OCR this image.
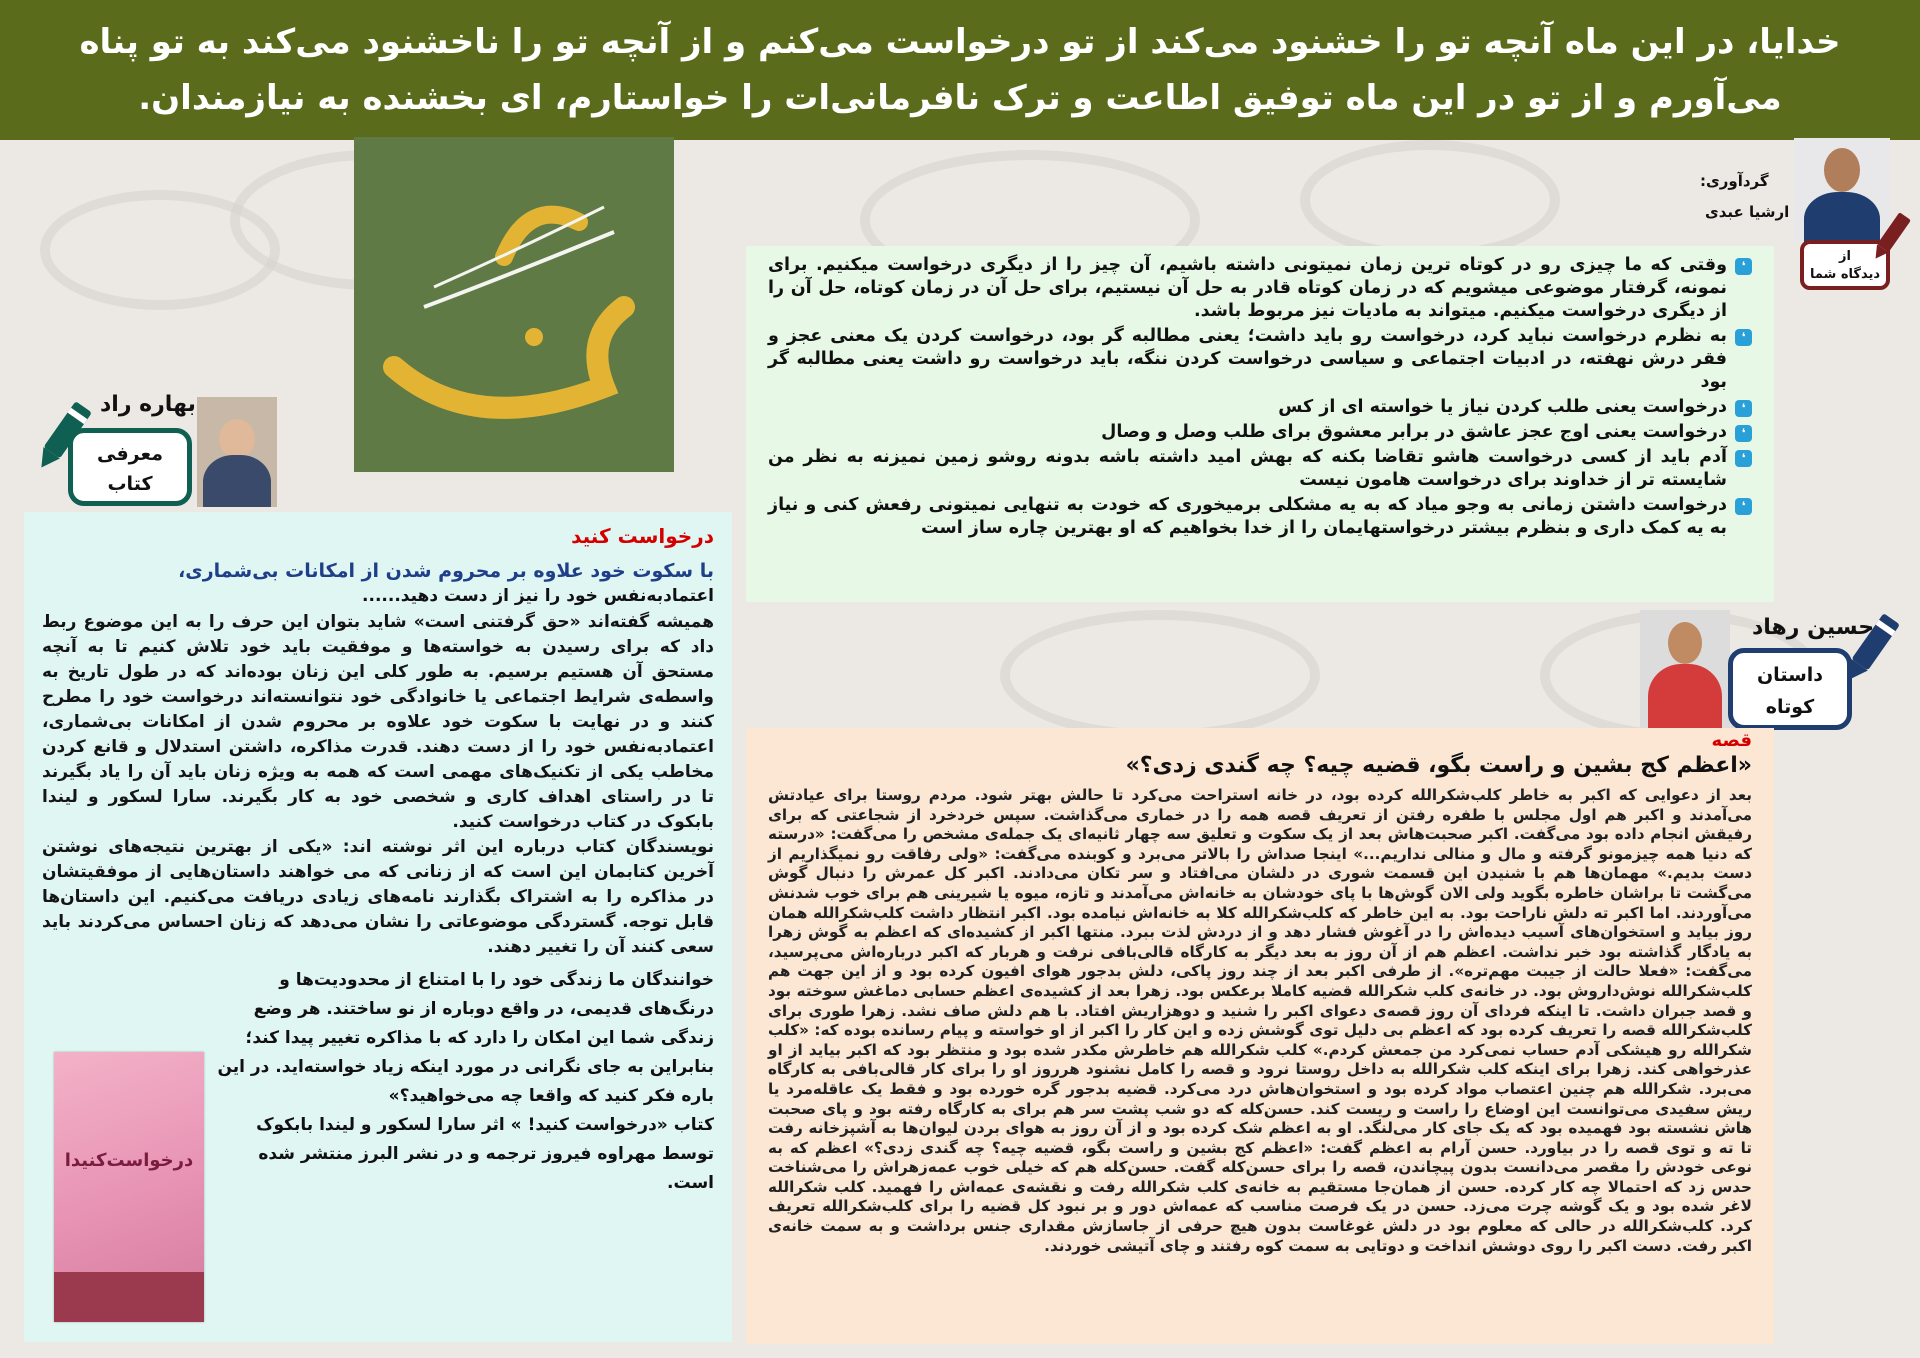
خدایا، در این ماه آنچه تو را خشنود می‌کند از تو درخواست می‌کنم و از آنچه تو را ناخشنود می‌کند به تو پناه

می‌آورم و از تو در این ماه توفیق اطاعت و ترک نافرمانی‌ات را خواستارم، ای بخشنده به نیازمندان.

بهاره راد
معرفی
کتاب
درخواست کنید

با سکوت خود علاوه بر محروم شدن از امکانات بی‌شماری،

اعتمادبه‌نفس خود را نیز از دست دهید......

همیشه گفته‌اند «حق گرفتنی است» شاید بتوان این حرف را به این موضوع ربط داد که برای رسیدن به خواسته‌ها و موفقیت باید خود تلاش کنیم تا به آنچه مستحق آن هستیم برسیم. به طور کلی این زنان بوده‌اند که در طول تاریخ به واسطه‌ی شرایط اجتماعی یا خانوادگی خود نتوانسته‌اند درخواست خود را مطرح کنند و در نهایت با سکوت خود علاوه بر محروم شدن از امکانات بی‌شماری، اعتمادبه‌نفس خود را از دست دهند. قدرت مذاکره، داشتن استدلال و قانع کردن مخاطب یکی از تکنیک‌های مهمی است که همه به ویژه زنان باید آن را یاد بگیرند تا در راستای اهداف کاری و شخصی خود به کار بگیرند. سارا لسکور و لیندا بابکوک در کتاب درخواست کنید.

نویسندگان کتاب درباره این اثر نوشته اند: «یکی از بهترین نتیجه‌های نوشتن آخرین کتابمان این است که از زنانی که می خواهند داستان‌هایی از موفقیتشان در مذاکره را به اشتراک بگذارند نامه‌های زیادی دریافت می‌کنیم. این داستان‌ها قابل توجه. گستردگی موضوعاتی را نشان می‌دهد که زنان احساس می‌کردند باید سعی کنند آن را تغییر دهند.

خوانندگان ما زندگی خود را با امتناع از محدودیت‌ها و درنگ‌های قدیمی، در واقع دوباره از نو ساختند. هر وضع زندگی شما این امکان را دارد که با مذاکره تغییر پیدا کند؛ بنابراین به جای نگرانی در مورد اینکه زیاد خواسته‌اید. در این باره فکر کنید که واقعا چه می‌خواهید؟»

کتاب «درخواست کنید! » اثر سارا لسکور و لیندا بابکوک توسط مهراوه فیروز ترجمه و در نشر البرز منتشر شده است.

درخواست‌کنیدا
گردآوری:
ارشیا عبدی
از
دیدگاه شما
❛
وقتی که ما چیزی رو در کوتاه ترین زمان نمیتونی داشته باشیم، آن چیز را از دیگری درخواست میکنیم. برای نمونه، گرفتار موضوعی میشویم که در زمان کوتاه قادر به حل آن نیستیم، برای حل آن در زمان کوتاه، حل آن را از دیگری درخواست میکنیم. میتواند به مادیات نیز مربوط باشد.
❛
به نظرم درخواست نباید کرد، درخواست رو باید داشت؛ یعنی مطالبه گر بود، درخواست کردن یک معنی عجز و فقر درش نهفته، در ادبیات اجتماعی و سیاسی درخواست کردن ننگه، باید درخواست رو داشت یعنی مطالبه گر بود
❛
درخواست یعنی طلب کردن نیاز یا خواسته ای از کس
❛
درخواست یعنی اوج عجز عاشق در برابر معشوق برای طلب وصل و وصال
❛
آدم باید از کسی درخواست هاشو تقاضا بکنه که بهش امید داشته باشه بدونه روشو زمین نمیزنه به نظر من شایسته تر از خداوند برای درخواست هامون نیست
❛
درخواست داشتن زمانی به وجو میاد که به یه مشکلی برمیخوری که خودت به تنهایی نمیتونی رفعش کنی و نیاز به یه کمک داری و بنظرم بیشتر درخواستهایمان را از خدا بخواهیم که او بهترین چاره ساز است
حسین رهاد
داستان
کوتاه

قصه

«اعظم کج بشین و راست بگو، قضیه چیه؟ چه گندی زدی؟»

بعد از دعوایی که اکبر به خاطر کلب‌شکرالله کرده بود، در خانه استراحت می‌کرد تا حالش بهتر شود. مردم روستا برای عیادتش می‌آمدند و اکبر هم اول مجلس با طفره رفتن از تعریف قصه همه را در خماری می‌گذاشت. سپس خردخرد از شجاعتی که برای رفیقش انجام داده بود می‌گفت. اکبر صحبت‌هاش بعد از یک سکوت و تعلیق سه چهار ثانیه‌ای یک جمله‌ی مشخص را می‌گفت: «درسته که دنیا همه چیزمونو گرفته و مال و منالی نداریم...» اینجا صداش را بالاتر می‌برد و کوبنده می‌گفت: «ولی رفاقت رو نمیگذاریم از دست بدیم.» مهمان‌ها هم با شنیدن این قسمت شوری در دلشان می‌افتاد و سر تکان می‌دادند. اکبر کل عمرش را دنبال گوش می‌گشت تا براشان خاطره بگوید ولی الان گوش‌ها با پای خودشان به خانه‌اش می‌آمدند و تازه، میوه یا شیرینی هم برای خوب شدنش می‌آوردند. اما اکبر ته دلش ناراحت بود. به این خاطر که کلب‌شکرالله کلا به خانه‌اش نیامده بود. اکبر انتظار داشت کلب‌شکرالله همان روز بیاید و استخوان‌های آسیب دیده‌اش را در آغوش فشار دهد و از دردش لذت ببرد. منتها اکبر از کشیده‌ای که اعظم به گوش زهرا به یادگار گذاشته بود خبر نداشت. اعظم هم از آن روز به بعد دیگر به کارگاه قالی‌بافی نرفت و هربار که اکبر درباره‌اش می‌پرسید، می‌گفت: «فعلا حالت از جیبت مهم‌تره». از طرفی اکبر بعد از چند روز پاکی، دلش بدجور هوای افیون کرده بود و از این جهت هم کلب‌شکرالله نوش‌داروش بود. در خانه‌ی کلب شکرالله قضیه کاملا برعکس بود. زهرا بعد از کشیده‌ی اعظم حسابی دماغش سوخته بود و قصد جبران داشت. تا اینکه فردای آن روز قصه‌ی دعوای اکبر را شنید و دوهزاریش افتاد. با هم دلش صاف نشد. زهرا طوری برای کلب‌شکرالله قصه را تعریف کرده بود که اعظم بی دلیل توی گوشش زده و این کار را اکبر از او خواسته و پیام رسانده بوده که: «کلب شکرالله رو هیشکی آدم حساب نمی‌کرد من جمعش کردم.» کلب شکرالله هم خاطرش مکدر شده بود و منتظر بود که اکبر بیاید از او عذرخواهی کند. زهرا برای اینکه کلب شکرالله به داخل روستا نرود و قصه را کامل نشنود هرروز او را برای کار قالی‌بافی به کارگاه می‌برد. شکرالله هم چنین اعتصاب مواد کرده بود و استخوان‌هاش درد می‌کرد. قضیه بدجور گره خورده بود و فقط یک عاقله‌مرد یا ریش سفیدی می‌توانست این اوضاع را راست و ریست کند. حسن‌کله که دو شب پشت سر هم برای به کارگاه رفته بود و پای صحبت هاش نشسته بود فهمیده بود که یک جای کار می‌لنگد. او به اعظم شک کرده بود و از آن روز به هوای بردن لیوان‌ها به آشپزخانه رفت تا ته و توی قصه را در بیاورد. حسن آرام به اعظم گفت: «اعظم کج بشین و راست بگو، قضیه چیه؟ چه گندی زدی؟» اعظم که به نوعی خودش را مقصر می‌دانست بدون پیچاندن، قصه را برای حسن‌کله گفت. حسن‌کله هم که خیلی خوب عمه‌زهراش را می‌شناخت حدس زد که احتمالا چه کار کرده. حسن از همان‌جا مستقیم به خانه‌ی کلب شکرالله رفت و نقشه‌ی عمه‌اش را فهمید. کلب شکرالله لاغر شده بود و یک گوشه چرت می‌زد. حسن در یک فرصت مناسب که عمه‌اش دور و بر نبود کل قضیه را برای کلب‌شکرالله تعریف کرد. کلب‌شکرالله در حالی که معلوم بود در دلش غوغاست بدون هیچ حرفی از جاسازش مقداری جنس برداشت و به سمت خانه‌ی اکبر رفت. دست اکبر را روی دوشش انداخت و دوتایی به سمت کوه رفتند و چای آتیشی خوردند.
